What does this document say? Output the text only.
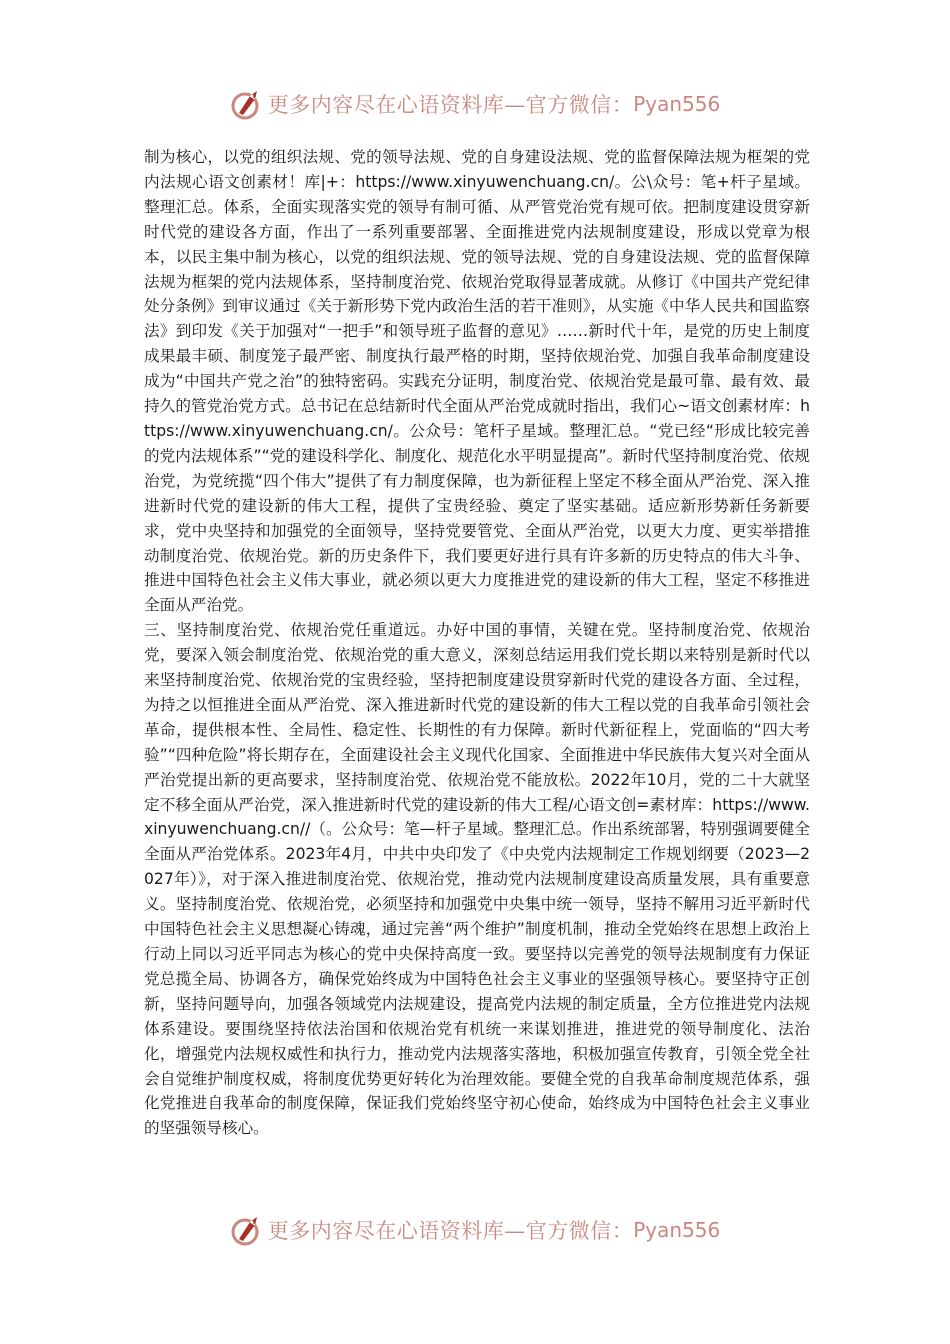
更多内容尽在心语资料库—官方微信： Pyan556

制为核心，以党的组织法规、党的领导法规、党的自身建设法规、党的监督保障法规为框架的党内法规心语文创素材！库|+：https://www.xinyuwenchuang.cn/。公\众号：笔+杆子星域。整理汇总。体系，全面实现落实党的领导有制可循、从严管党治党有规可依。把制度建设贯穿新时代党的建设各方面，作出了一系列重要部署、全面推进党内法规制度建设，形成以党章为根本，以民主集中制为核心，以党的组织法规、党的领导法规、党的自身建设法规、党的监督保障法规为框架的党内法规体系，坚持制度治党、依规治党取得显著成就。从修订《中国共产党纪律处分条例》到审议通过《关于新形势下党内政治生活的若干准则》，从实施《中华人民共和国监察法》到印发《关于加强对“一把手”和领导班子监督的意见》……新时代十年，是党的历史上制度成果最丰硕、制度笼子最严密、制度执行最严格的时期，坚持依规治党、加强自我革命制度建设成为“中国共产党之治”的独特密码。实践充分证明，制度治党、依规治党是最可靠、最有效、最持久的管党治党方式。总书记在总结新时代全面从严治党成就时指出，我们心~语文创素材库：https://www.xinyuwenchuang.cn/。公众号：笔杆子星域。整理汇总。“党已经“形成比较完善的党内法规体系”“党的建设科学化、制度化、规范化水平明显提高”。新时代坚持制度治党、依规治党，为党统揽“四个伟大”提供了有力制度保障，也为新征程上坚定不移全面从严治党、深入推进新时代党的建设新的伟大工程，提供了宝贵经验、奠定了坚实基础。适应新形势新任务新要求，党中央坚持和加强党的全面领导，坚持党要管党、全面从严治党，以更大力度、更实举措推动制度治党、依规治党。新的历史条件下，我们要更好进行具有许多新的历史特点的伟大斗争、推进中国特色社会主义伟大事业，就必须以更大力度推进党的建设新的伟大工程，坚定不移推进全面从严治党。

三、坚持制度治党、依规治党任重道远。办好中国的事情，关键在党。坚持制度治党、依规治党，要深入领会制度治党、依规治党的重大意义，深刻总结运用我们党长期以来特别是新时代以来坚持制度治党、依规治党的宝贵经验，坚持把制度建设贯穿新时代党的建设各方面、全过程，为持之以恒推进全面从严治党、深入推进新时代党的建设新的伟大工程以党的自我革命引领社会革命，提供根本性、全局性、稳定性、长期性的有力保障。新时代新征程上，党面临的“四大考验”“四种危险”将长期存在，全面建设社会主义现代化国家、全面推进中华民族伟大复兴对全面从严治党提出新的更高要求，坚持制度治党、依规治党不能放松。2022年10月，党的二十大就坚定不移全面从严治党，深入推进新时代党的建设新的伟大工程/心语文创=素材库：https://www.xinyuwenchuang.cn//（。公众号：笔—杆子星域。整理汇总。作出系统部署，特别强调要健全全面从严治党体系。2023年4月，中共中央印发了《中央党内法规制定工作规划纲要（2023—2027年）》，对于深入推进制度治党、依规治党，推动党内法规制度建设高质量发展，具有重要意义。坚持制度治党、依规治党，必须坚持和加强党中央集中统一领导，坚持不解用习近平新时代中国特色社会主义思想凝心铸魂，通过完善“两个维护”制度机制，推动全党始终在思想上政治上行动上同以习近平同志为核心的党中央保持高度一致。要坚持以完善党的领导法规制度有力保证党总揽全局、协调各方，确保党始终成为中国特色社会主义事业的坚强领导核心。要坚持守正创新，坚持问题导向，加强各领域党内法规建设，提高党内法规的制定质量，全方位推进党内法规体系建设。要围绕坚持依法治国和依规治党有机统一来谋划推进，推进党的领导制度化、法治化，增强党内法规权威性和执行力，推动党内法规落实落地，积极加强宣传教育，引领全党全社会自觉维护制度权威，将制度优势更好转化为治理效能。要健全党的自我革命制度规范体系，强化党推进自我革命的制度保障，保证我们党始终坚守初心使命，始终成为中国特色社会主义事业的坚强领导核心。

更多内容尽在心语资料库—官方微信： Pyan556
